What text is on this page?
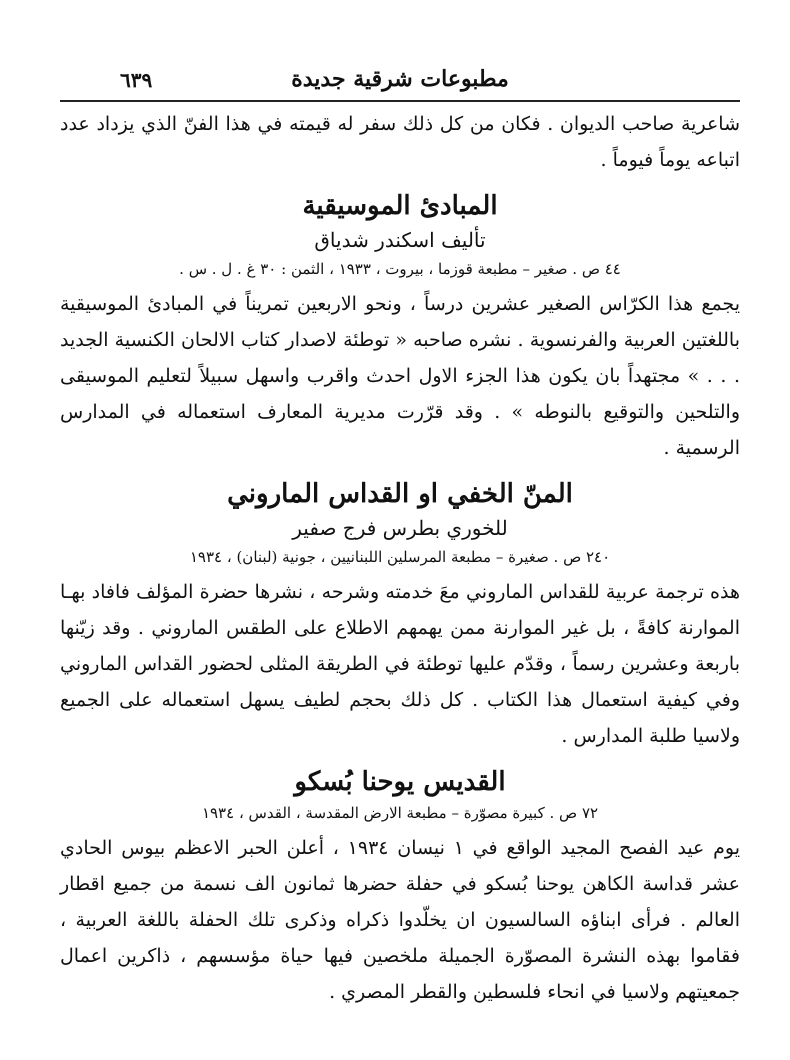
مطبوعات شرقية جديدة
٦٣٩

شاعرية صاحب الديوان . فكان من كل ذلك سفر له قيمته في هذا الفنّ الذي يزداد عدد اتباعه يوماً فيوماً .

المبادئ الموسيقية

تأليف اسكندر شدياق

٤٤ ص . صغير – مطبعة قوزما ، بيروت ، ١٩٣٣ ، الثمن : ٣٠ غ . ل . س .

يجمع هذا الكرّاس الصغير عشرين درساً ، ونحو الاربعين تمريناً في المبادئ الموسيقية باللغتين العربية والفرنسوية . نشره صاحبه « توطئة لاصدار كتاب الالحان الكنسية الجديد . . . » مجتهداً بان يكون هذا الجزء الاول احدث واقرب واسهل سبيلاً لتعليم الموسيقى والتلحين والتوقيع بالنوطه » . وقد قرّرت مديرية المعارف استعماله في المدارس الرسمية .

المنّ الخفي او القداس الماروني

للخوري بطرس فرج صفير

٢٤٠ ص . صغيرة – مطبعة المرسلين اللبنانيين ، جونية (لبنان) ، ١٩٣٤

هذه ترجمة عربية للقداس الماروني معَ خدمته وشرحه ، نشرها حضرة المؤلف فافاد بهـا الموارنة كافةً ، بل غير الموارنة ممن يهمهم الاطلاع على الطقس الماروني . وقد زيّنها باربعة وعشرين رسماً ، وقدّم عليها توطئة في الطريقة المثلى لحضور القداس الماروني وفي كيفية استعمال هذا الكتاب . كل ذلك بحجم لطيف يسهل استعماله على الجميع ولاسيا طلبة المدارس .

القديس يوحنا بُسكو

٧٢ ص . كبيرة مصوّرة – مطبعة الارض المقدسة ، القدس ، ١٩٣٤

يوم عيد الفصح المجيد الواقع في ١ نيسان ١٩٣٤ ، أعلن الحبر الاعظم بيوس الحادي عشر قداسة الكاهن يوحنا بُسكو في حفلة حضرها ثمانون الف نسمة من جميع اقطار العالم . فرأى ابناؤه السالسيون ان يخلّدوا ذكراه وذكرى تلك الحفلة باللغة العربية ، فقاموا بهذه النشرة المصوّرة الجميلة ملخصين فيها حياة مؤسسهم ، ذاكرين اعمال جمعيتهم ولاسيا في انحاء فلسطين والقطر المصري .
